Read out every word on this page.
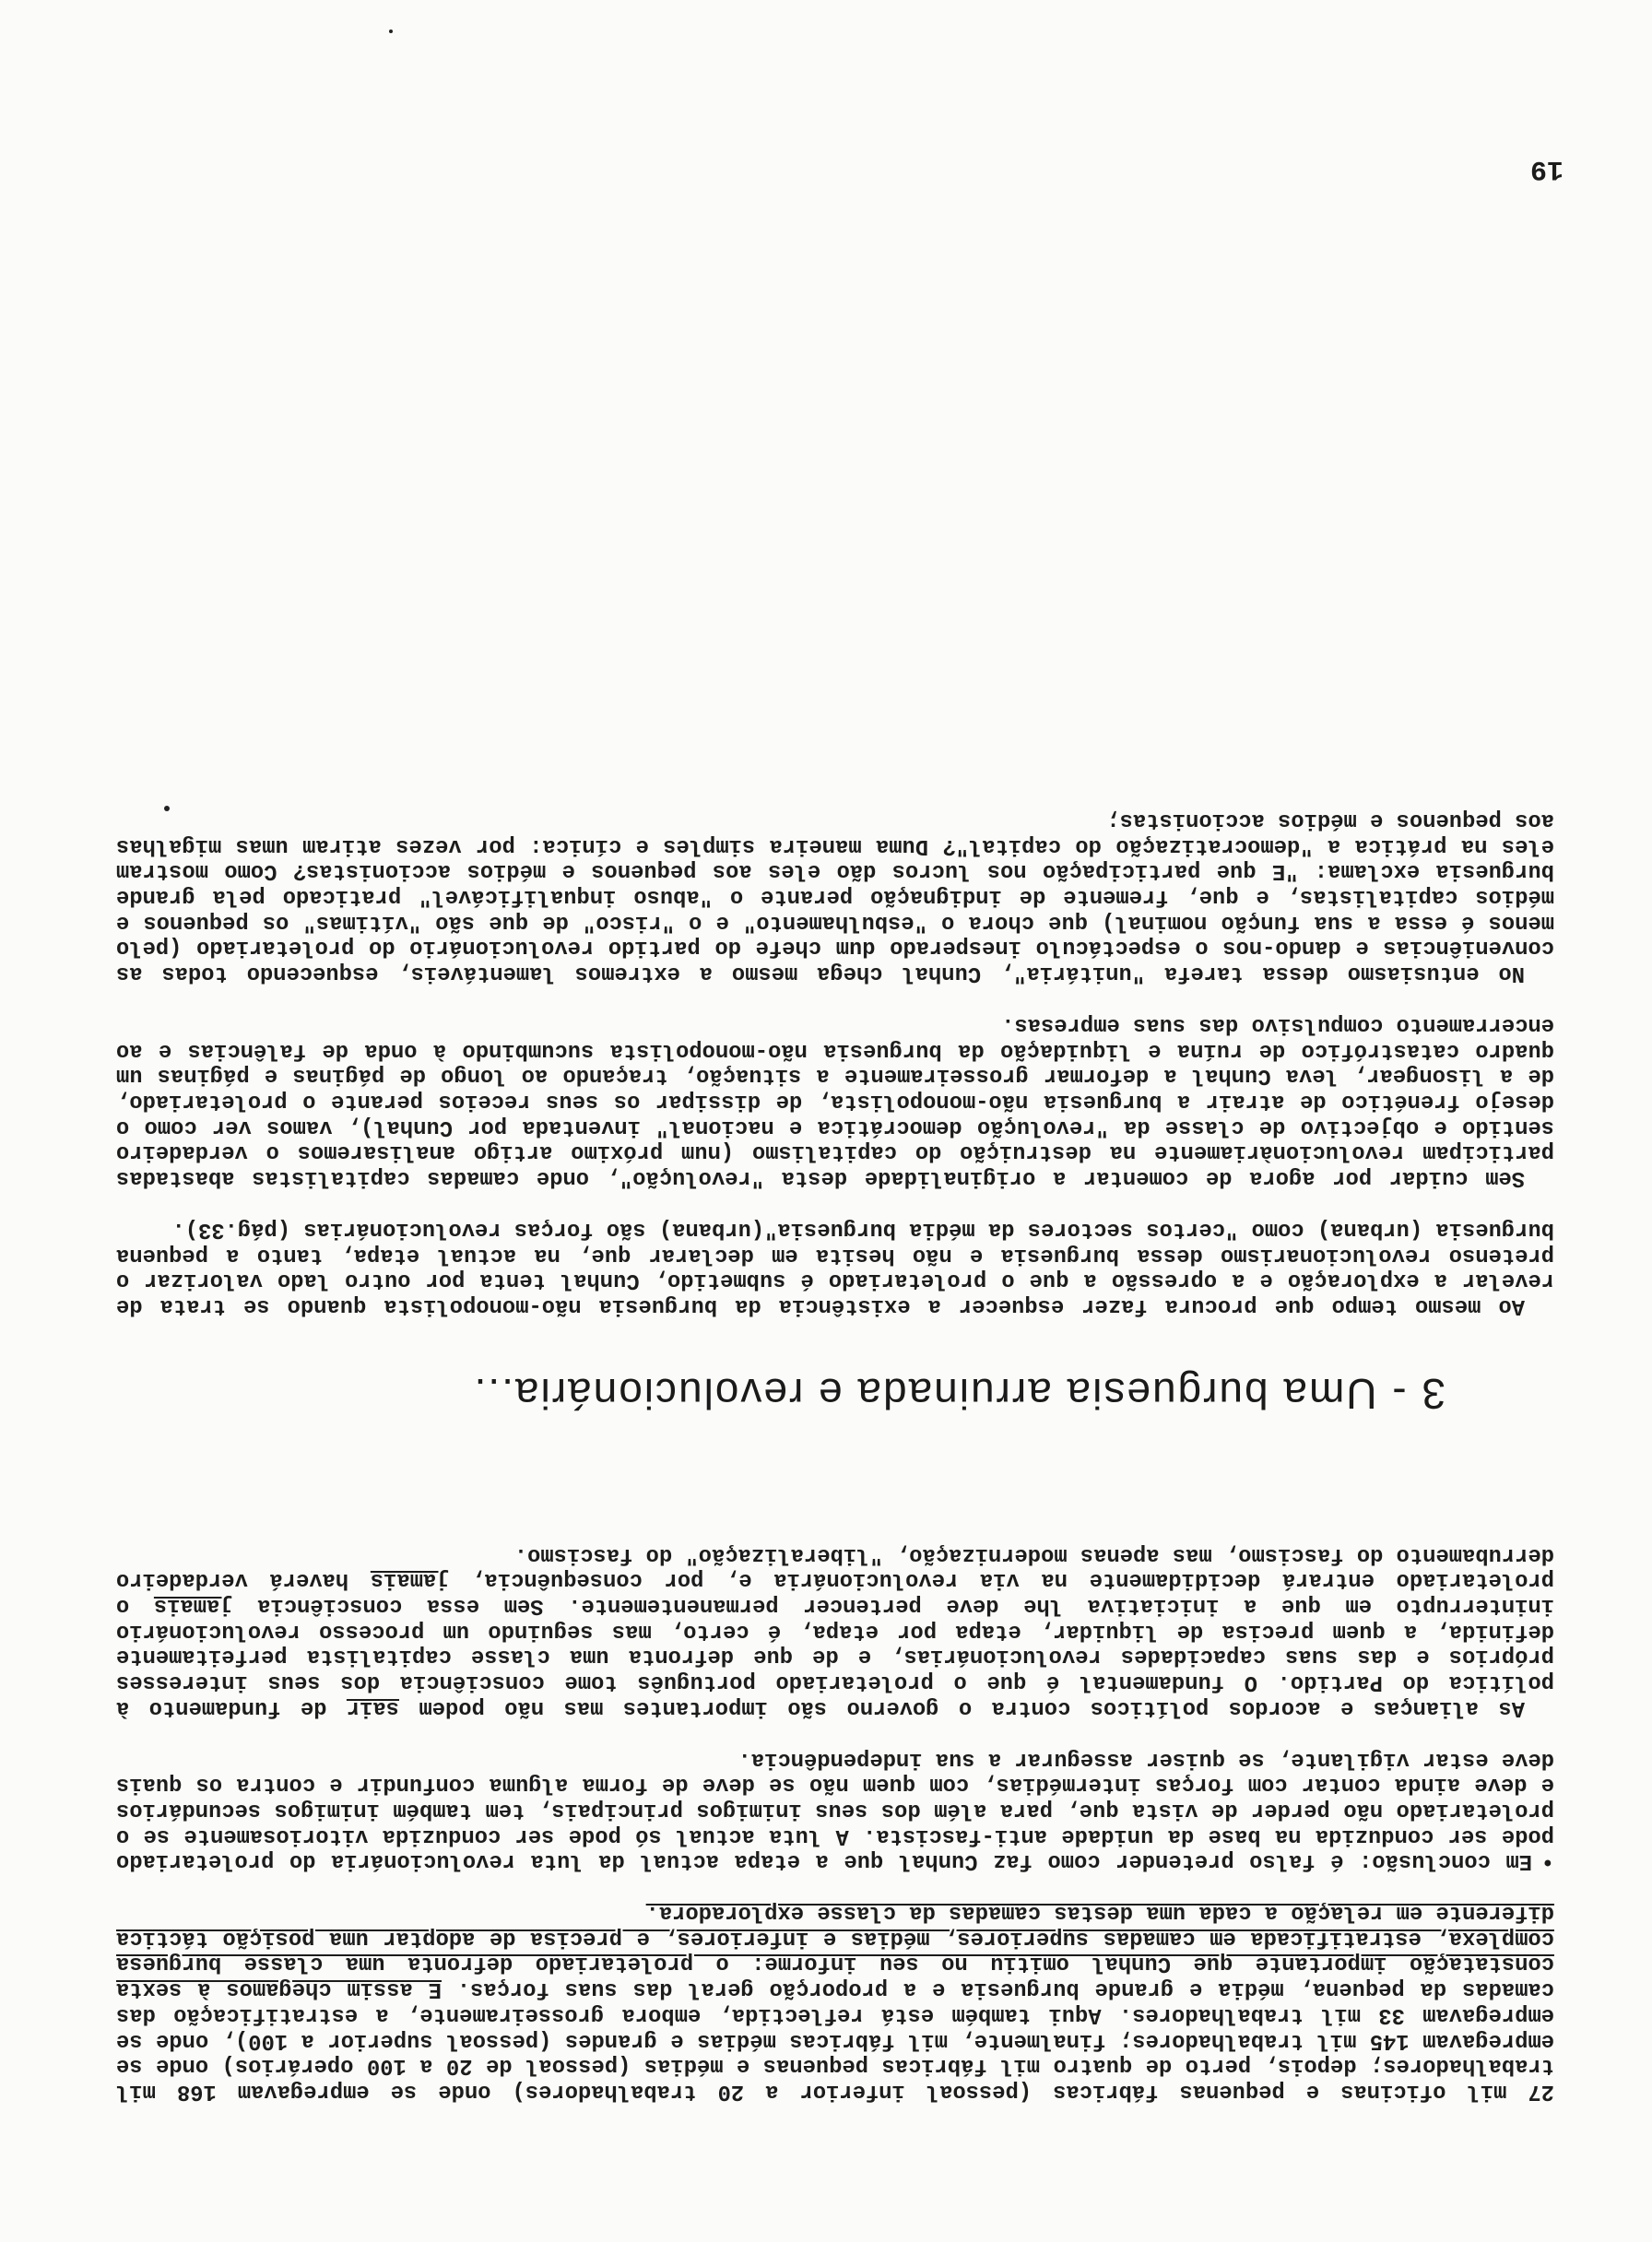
19

27 mil oficinas e pequenas fábricas (pessoal inferior a 20 trabalhadores) onde se empregavam 168 mil trabalhadores; depois, perto de quatro mil fábricas pequenas e médias (pessoal de 20 a 100 operários) onde se empregavam 145 mil trabalhadores; finalmente, mil fábricas médias e grandes (pessoal superior a 100), onde se empregavam 33 mil trabalhadores. Aqui também está reflectida, embora grosseiramente, a estratificação das camadas da pequena, média e grande burguesia e a proporção geral das suas forças. E assim chegamos à sexta constatação importante que Cunhal omitiu no seu informe: o proletariado defronta uma classe burguesa complexa, estratificada em camadas superiores, médias e inferiores, e precisa de adoptar uma posição táctica diferente em relação a cada uma destas camadas da classe exploradora.

•Em conclusão: é falso pretender como faz Cunhal que a etapa actual da luta revolucionária do proletariado pode ser conduzida na base da unidade anti-fascista. A luta actual só pode ser conduzida vitoriosamente se o proletariado não perder de vista que, para além dos seus inimigos principais, tem também inimigos secundários e deve ainda contar com forças intermédias, com quem não se deve de forma alguma confundir e contra os quais deve estar vigilante, se quiser assegurar a sua independência.

As alianças e acordos políticos contra o governo são importantes mas não podem sair de fundamento à política do Partido. O fundamental é que o proletariado português tome consciência dos seus interesses próprios e das suas capacidades revolucionárias, e de que defronta uma classe capitalista perfeitamente definida, a quem precisa de liquidar, etapa por etapa, é certo, mas seguindo um processo revolucionário ininterrupto em que a iniciativa lhe deve pertencer permanentemente. Sem essa consciência jamais o proletariado entrará decididamente na via revolucionária e, por consequência, jamais haverá verdadeiro derrubamento do fascismo, mas apenas modernização, "liberalização" do fascismo.

3 - Uma burguesia arruinada e revolucionária...

Ao mesmo tempo que procura fazer esquecer a existência da burguesia não-monopolista quando se trata de revelar a exploração e a opressão a que o proletariado é submetido, Cunhal tenta por outro lado valorizar o pretenso revolucionarismo dessa burguesia e não hesita em declarar que, na actual etapa, tanto a pequena burguesia (urbana) como "certos sectores da média burguesia"(urbana) são forças revolucionárias (pág.33).

Sem cuidar por agora de comentar a originalidade desta "revolução", onde camadas capitalistas abastadas participam revolucionàriamente na destruição do capitalismo (num próximo artigo analisaremos o verdadeiro sentido e objectivo de classe da "revolução democrática e nacional" inventada por Cunhal), vamos ver como o desejo frenético de atrair a burguesia não-monopolista, de dissipar os seus receios perante o proletariado, de a lisongear, leva Cunhal a deformar grosseiramente a situação, traçando ao longo de páginas e páginas um quadro catastrófico de ruína e liquidação da burguesia não-monopolista sucumbindo à onda de falências e ao encerramento compulsivo das suas empresas.

No entusiasmo dessa tarefa "unitária", Cunhal chega mesmo a extremos lamentáveis, esquecendo todas as conveniências e dando-nos o espectáculo inesperado dum chefe do partido revolucionário do proletariado (pelo menos é essa a sua função nominal) que chora o "esbulhamento" e o "risco" de que são "vítimas" os pequenos e médios capitalistas, e que, fremente de indignação perante o "abuso inqualificável" praticado pela grande burguesia exclama: "E que participação nos lucros dão eles aos pequenos e médios accionistas? Como mostram eles na prática a "democratização do capital"? Duma maneira simples e cínica: por vezes atiram umas migalhas aos pequenos e médios accionistas;
